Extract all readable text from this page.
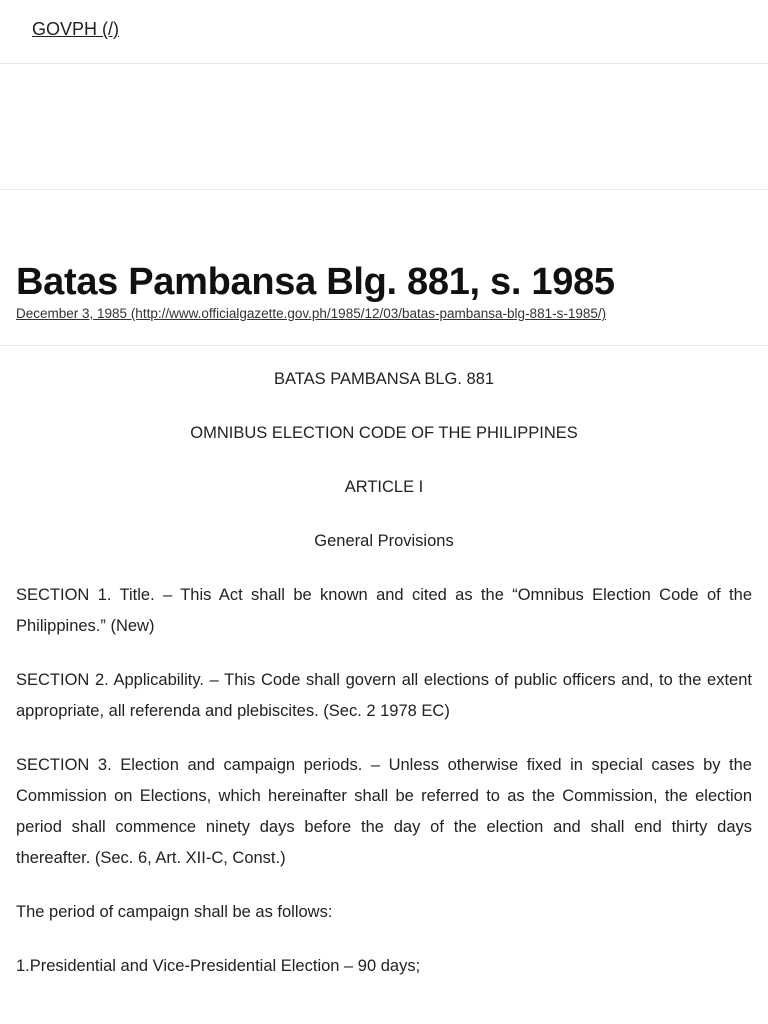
GOVPH (/)
Batas Pambansa Blg. 881, s. 1985
December 3, 1985 (http://www.officialgazette.gov.ph/1985/12/03/batas-pambansa-blg-881-s-1985/)

BATAS PAMBANSA BLG. 881

OMNIBUS ELECTION CODE OF THE PHILIPPINES

ARTICLE I

General Provisions

SECTION 1. Title. – This Act shall be known and cited as the “Omnibus Election Code of the Philippines.” (New)

SECTION 2. Applicability. – This Code shall govern all elections of public officers and, to the extent appropriate, all referenda and plebiscites. (Sec. 2 1978 EC)

SECTION 3. Election and campaign periods. – Unless otherwise fixed in special cases by the Commission on Elections, which hereinafter shall be referred to as the Commission, the election period shall commence ninety days before the day of the election and shall end thirty days thereafter. (Sec. 6, Art. XII-C, Const.)

The period of campaign shall be as follows:

1.Presidential and Vice-Presidential Election – 90 days;
